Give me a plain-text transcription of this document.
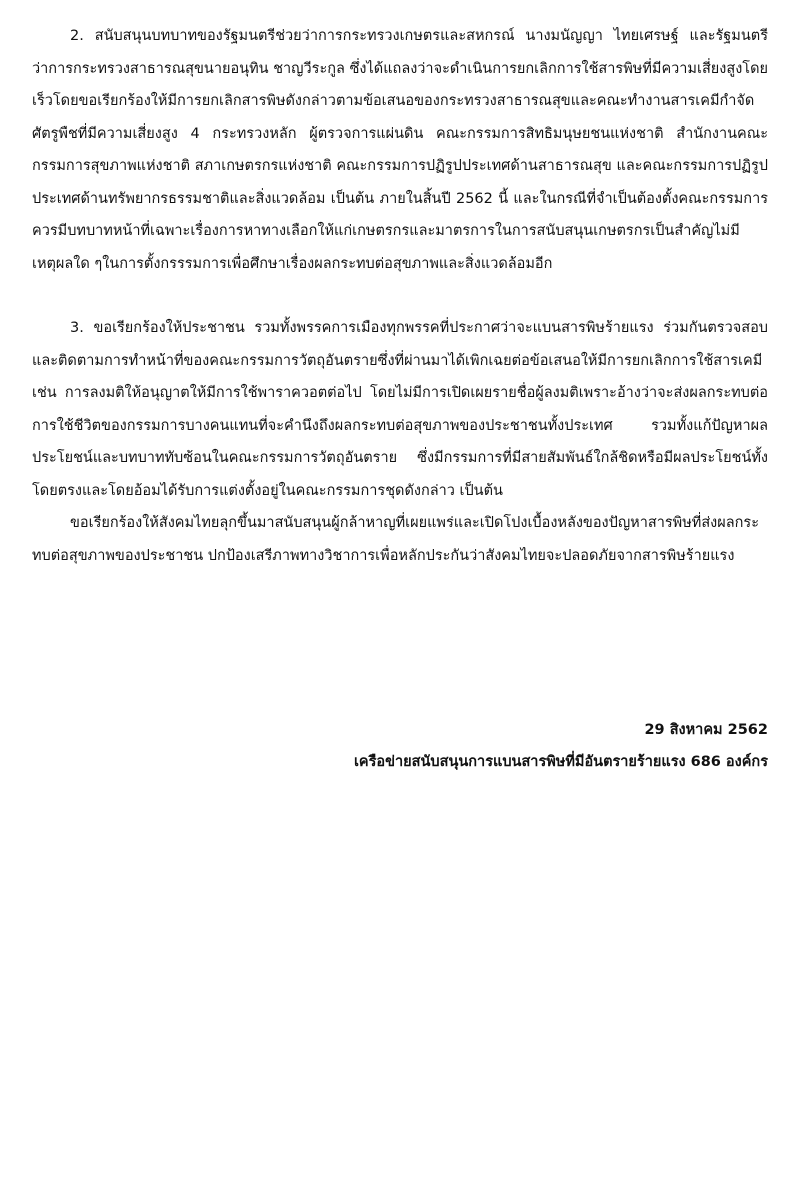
2. สนับสนุนบทบาทของรัฐมนตรีช่วยว่าการกระทรวงเกษตรและสหกรณ์ นางมนัญญา ไทยเศรษฐ์ และรัฐมนตรีว่าการกระทรวงสาธารณสุขนายอนุทิน ชาญวีระกูล ซึ่งได้แถลงว่าจะดำเนินการยกเลิกการใช้สารพิษที่มีความเสี่ยงสูงโดยเร็วโดยขอเรียกร้องให้มีการยกเลิกสารพิษดังกล่าวตามข้อเสนอของกระทรวงสาธารณสุขและคณะทำงานสารเคมีกำจัดศัตรูพืชที่มีความเสี่ยงสูง 4 กระทรวงหลัก ผู้ตรวจการแผ่นดิน คณะกรรมการสิทธิมนุษยชนแห่งชาติ สำนักงานคณะกรรมการสุขภาพแห่งชาติ สภาเกษตรกรแห่งชาติ คณะกรรมการปฏิรูปประเทศด้านสาธารณสุข และคณะกรรมการปฏิรูปประเทศด้านทรัพยากรธรรมชาติและสิ่งแวดล้อม เป็นต้น ภายในสิ้นปี 2562 นี้ และในกรณีที่จำเป็นต้องตั้งคณะกรรมการ ควรมีบทบาทหน้าที่เฉพาะเรื่องการหาทางเลือกให้แก่เกษตรกรและมาตรการในการสนับสนุนเกษตรกรเป็นสำคัญไม่มีเหตุผลใด ๆในการตั้งกรรรมการเพื่อศึกษาเรื่องผลกระทบต่อสุขภาพและสิ่งแวดล้อมอีก

3. ขอเรียกร้องให้ประชาชน รวมทั้งพรรคการเมืองทุกพรรคที่ประกาศว่าจะแบนสารพิษร้ายแรง ร่วมกันตรวจสอบและติดตามการทำหน้าที่ของคณะกรรมการวัตถุอันตรายซึ่งที่ผ่านมาได้เพิกเฉยต่อข้อเสนอให้มีการยกเลิกการใช้สารเคมี เช่น การลงมติให้อนุญาตให้มีการใช้พาราควอตต่อไป โดยไม่มีการเปิดเผยรายชื่อผู้ลงมติเพราะอ้างว่าจะส่งผลกระทบต่อการใช้ชีวิตของกรรมการบางคนแทนที่จะคำนึงถึงผลกระทบต่อสุขภาพของประชาชนทั้งประเทศ รวมทั้งแก้ปัญหาผลประโยชน์และบทบาททับซ้อนในคณะกรรมการวัตถุอันตราย ซึ่งมีกรรมการที่มีสายสัมพันธ์ใกล้ชิดหรือมีผลประโยชน์ทั้งโดยตรงและโดยอ้อมได้รับการแต่งตั้งอยู่ในคณะกรรมการชุดดังกล่าว เป็นต้น

ขอเรียกร้องให้สังคมไทยลุกขึ้นมาสนับสนุนผู้กล้าหาญที่เผยแพร่และเปิดโปงเบื้องหลังของปัญหาสารพิษที่ส่งผลกระทบต่อสุขภาพของประชาชน ปกป้องเสรีภาพทางวิชาการเพื่อหลักประกันว่าสังคมไทยจะปลอดภัยจากสารพิษร้ายแรง

29 สิงหาคม 2562
เครือข่ายสนับสนุนการแบนสารพิษที่มีอันตรายร้ายแรง 686 องค์กร
